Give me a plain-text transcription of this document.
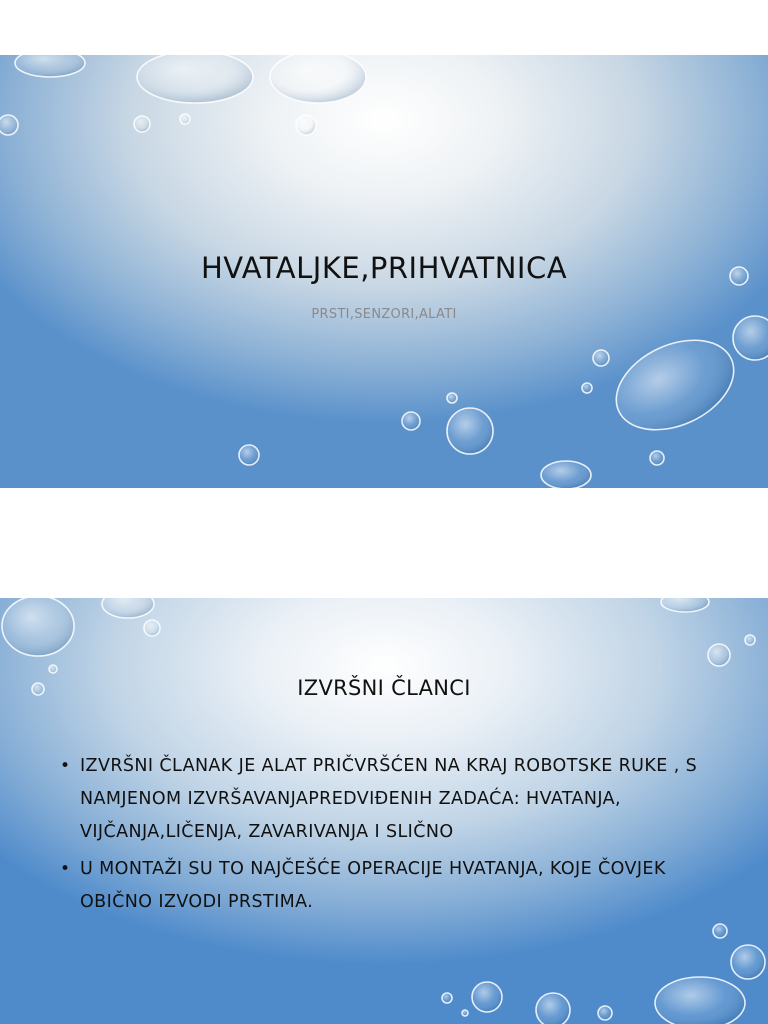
HVATALJKE,PRIHVATNICA
PRSTI,SENZORI,ALATI
IZVRŠNI ČLANCI
• IZVRŠNI ČLANAK JE ALAT PRIČVRŠĆEN NA KRAJ ROBOTSKE RUKE , S NAMJENOM IZVRŠAVANJAPREDVIĐENIH ZADAĆA: HVATANJA, VIJČANJA,LIČENJA, ZAVARIVANJA I SLIČNO
• U MONTAŽI SU TO NAJČEŠĆE OPERACIJE HVATANJA, KOJE ČOVJEK OBIČNO IZVODI PRSTIMA.
